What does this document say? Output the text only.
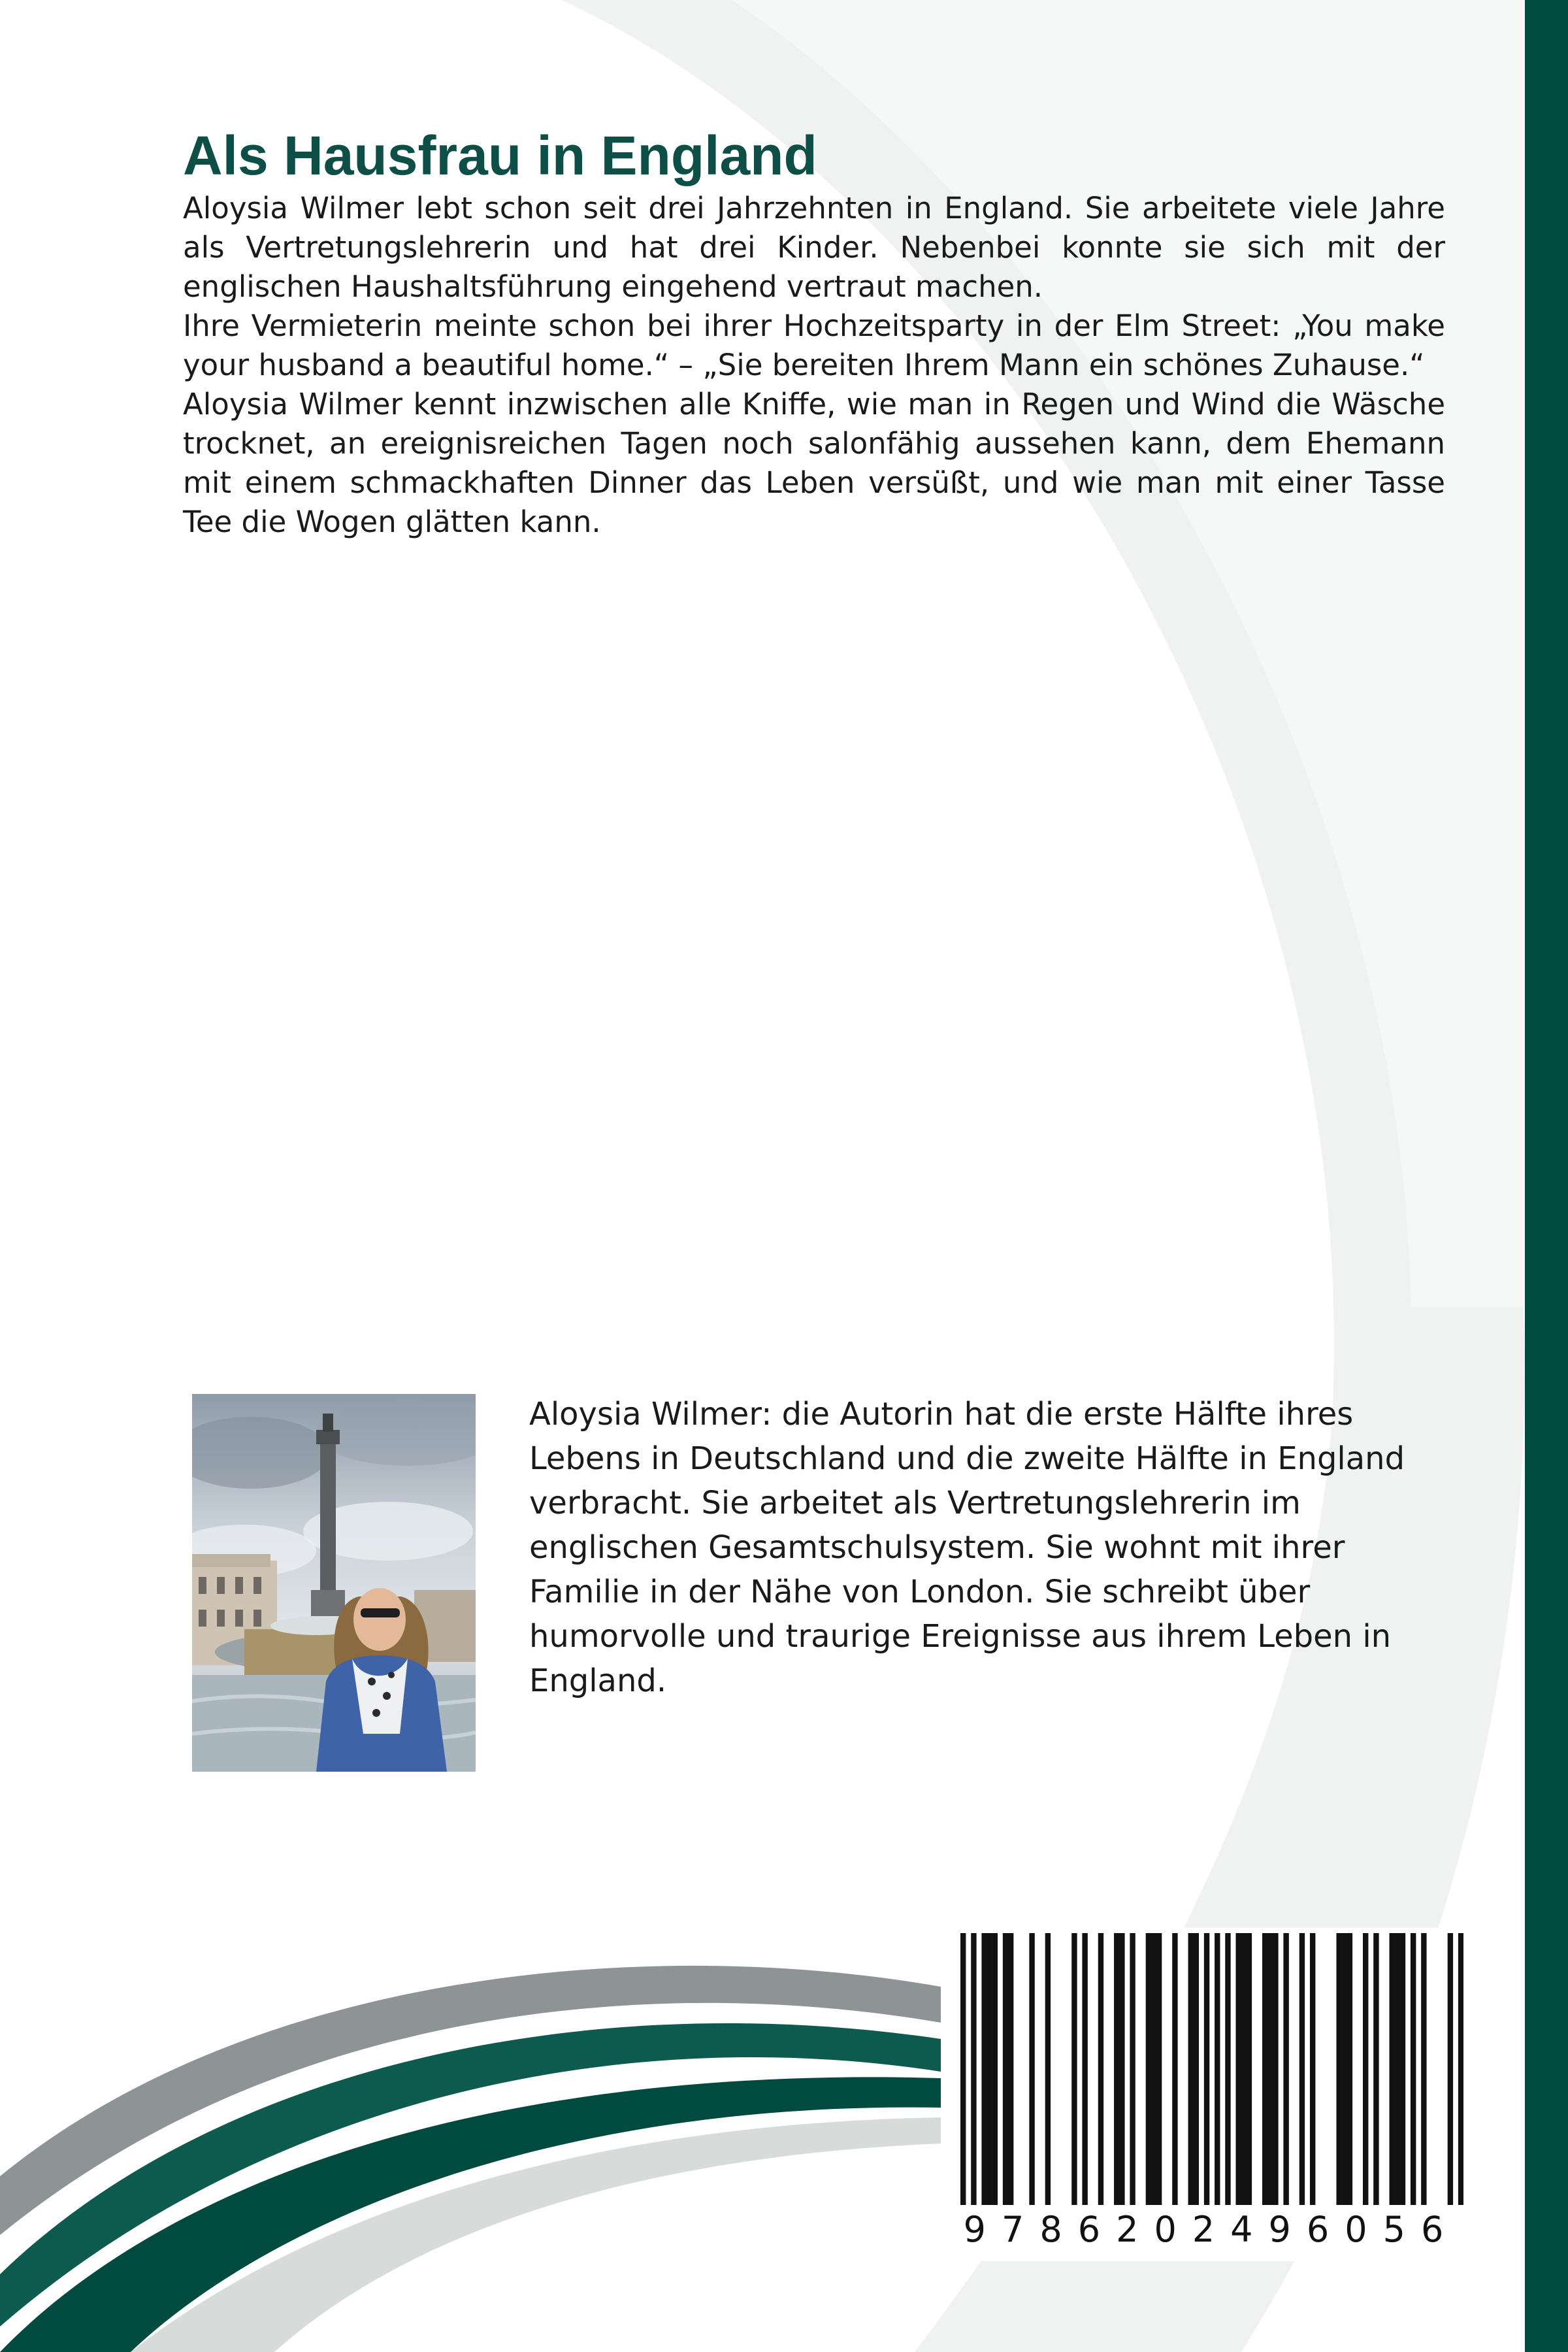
Als Hausfrau in England

Aloysia Wilmer lebt schon seit drei Jahrzehnten in England. Sie arbeitete viele Jahre als Vertretungslehrerin und hat drei Kinder. Nebenbei konnte sie sich mit der englischen Haushaltsführung eingehend vertraut machen.

Ihre Vermieterin meinte schon bei ihrer Hochzeitsparty in der Elm Street: „You make your husband a beautiful home.“ – „Sie bereiten Ihrem Mann ein schönes Zuhause.“

Aloysia Wilmer kennt inzwischen alle Kniffe, wie man in Regen und Wind die Wäsche trocknet, an ereignisreichen Tagen noch salonfähig aussehen kann, dem Ehemann mit einem schmackhaften Dinner das Leben versüßt, und wie man mit einer Tasse Tee die Wogen glätten kann.

Aloysia Wilmer: die Autorin hat die erste Hälfte ihres Lebens in Deutschland und die zweite Hälfte in England verbracht. Sie arbeitet als Vertretungslehrerin im englischen Gesamtschulsystem. Sie wohnt mit ihrer Familie in der Nähe von London. Sie schreibt über humorvolle und traurige Ereignisse aus ihrem Leben in England.

9786202496056
